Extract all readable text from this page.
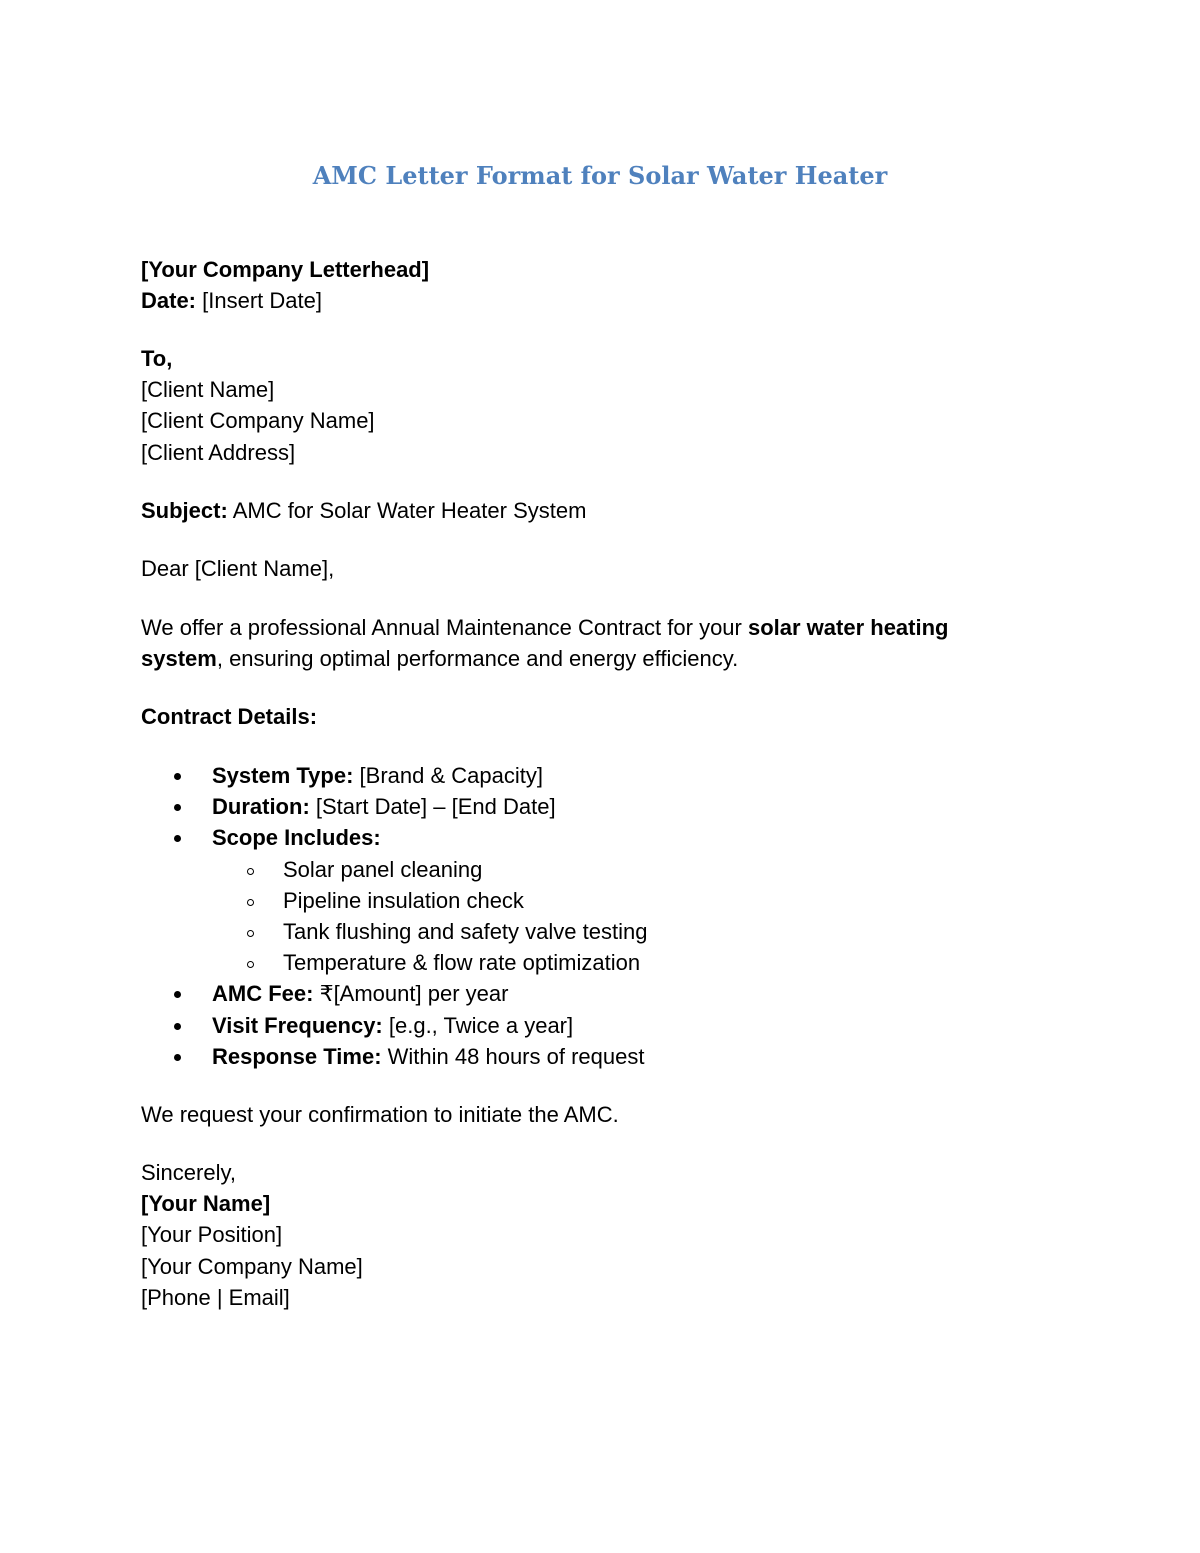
AMC Letter Format for Solar Water Heater
[Your Company Letterhead]
Date: [Insert Date]
To,
[Client Name]
[Client Company Name]
[Client Address]
Subject: AMC for Solar Water Heater System
Dear [Client Name],
We offer a professional Annual Maintenance Contract for your solar water heating system, ensuring optimal performance and energy efficiency.
Contract Details:
System Type: [Brand & Capacity]
Duration: [Start Date] – [End Date]
Scope Includes:
Solar panel cleaning
Pipeline insulation check
Tank flushing and safety valve testing
Temperature & flow rate optimization
AMC Fee: ₹[Amount] per year
Visit Frequency: [e.g., Twice a year]
Response Time: Within 48 hours of request
We request your confirmation to initiate the AMC.
Sincerely,
[Your Name]
[Your Position]
[Your Company Name]
[Phone | Email]
